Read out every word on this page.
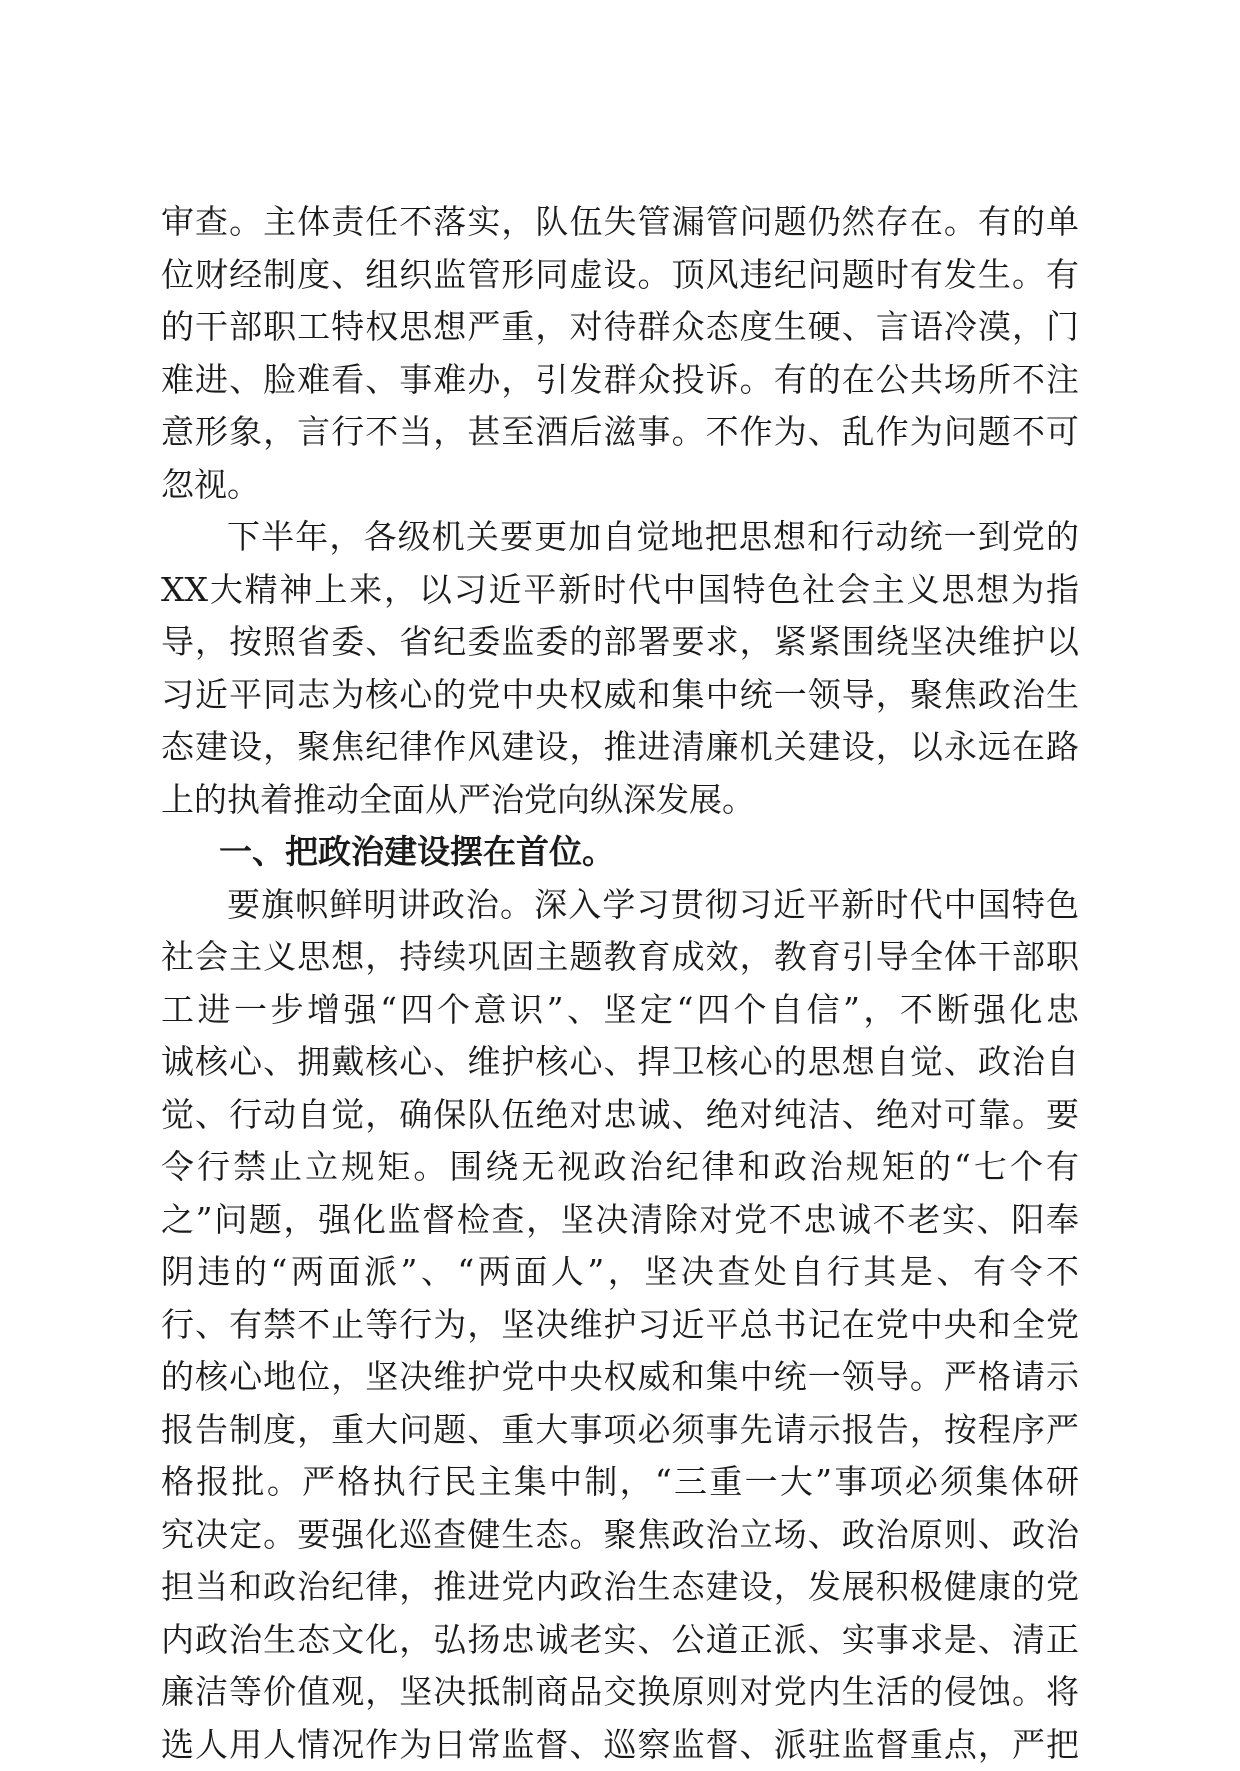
审查。主体责任不落实，队伍失管漏管问题仍然存在。有的单
位财经制度、组织监管形同虚设。顶风违纪问题时有发生。有
的干部职工特权思想严重，对待群众态度生硬、言语冷漠，门
难进、脸难看、事难办，引发群众投诉。有的在公共场所不注
意形象，言行不当，甚至酒后滋事。不作为、乱作为问题不可
忽视。
下半年，各级机关要更加自觉地把思想和行动统一到党的
XX大精神上来，以习近平新时代中国特色社会主义思想为指
导，按照省委、省纪委监委的部署要求，紧紧围绕坚决维护以
习近平同志为核心的党中央权威和集中统一领导，聚焦政治生
态建设，聚焦纪律作风建设，推进清廉机关建设，以永远在路
上的执着推动全面从严治党向纵深发展。
一、把政治建设摆在首位。
要旗帜鲜明讲政治。深入学习贯彻习近平新时代中国特色
社会主义思想，持续巩固主题教育成效，教育引导全体干部职
工进一步增强“四个意识”、坚定“四个自信”，不断强化忠
诚核心、拥戴核心、维护核心、捍卫核心的思想自觉、政治自
觉、行动自觉，确保队伍绝对忠诚、绝对纯洁、绝对可靠。要
令行禁止立规矩。围绕无视政治纪律和政治规矩的“七个有
之”问题，强化监督检查，坚决清除对党不忠诚不老实、阳奉
阴违的“两面派”、“两面人”，坚决查处自行其是、有令不
行、有禁不止等行为，坚决维护习近平总书记在党中央和全党
的核心地位，坚决维护党中央权威和集中统一领导。严格请示
报告制度，重大问题、重大事项必须事先请示报告，按程序严
格报批。严格执行民主集中制，“三重一大”事项必须集体研
究决定。要强化巡查健生态。聚焦政治立场、政治原则、政治
担当和政治纪律，推进党内政治生态建设，发展积极健康的党
内政治生态文化，弘扬忠诚老实、公道正派、实事求是、清正
廉洁等价值观，坚决抵制商品交换原则对党内生活的侵蚀。将
选人用人情况作为日常监督、巡察监督、派驻监督重点，严把
